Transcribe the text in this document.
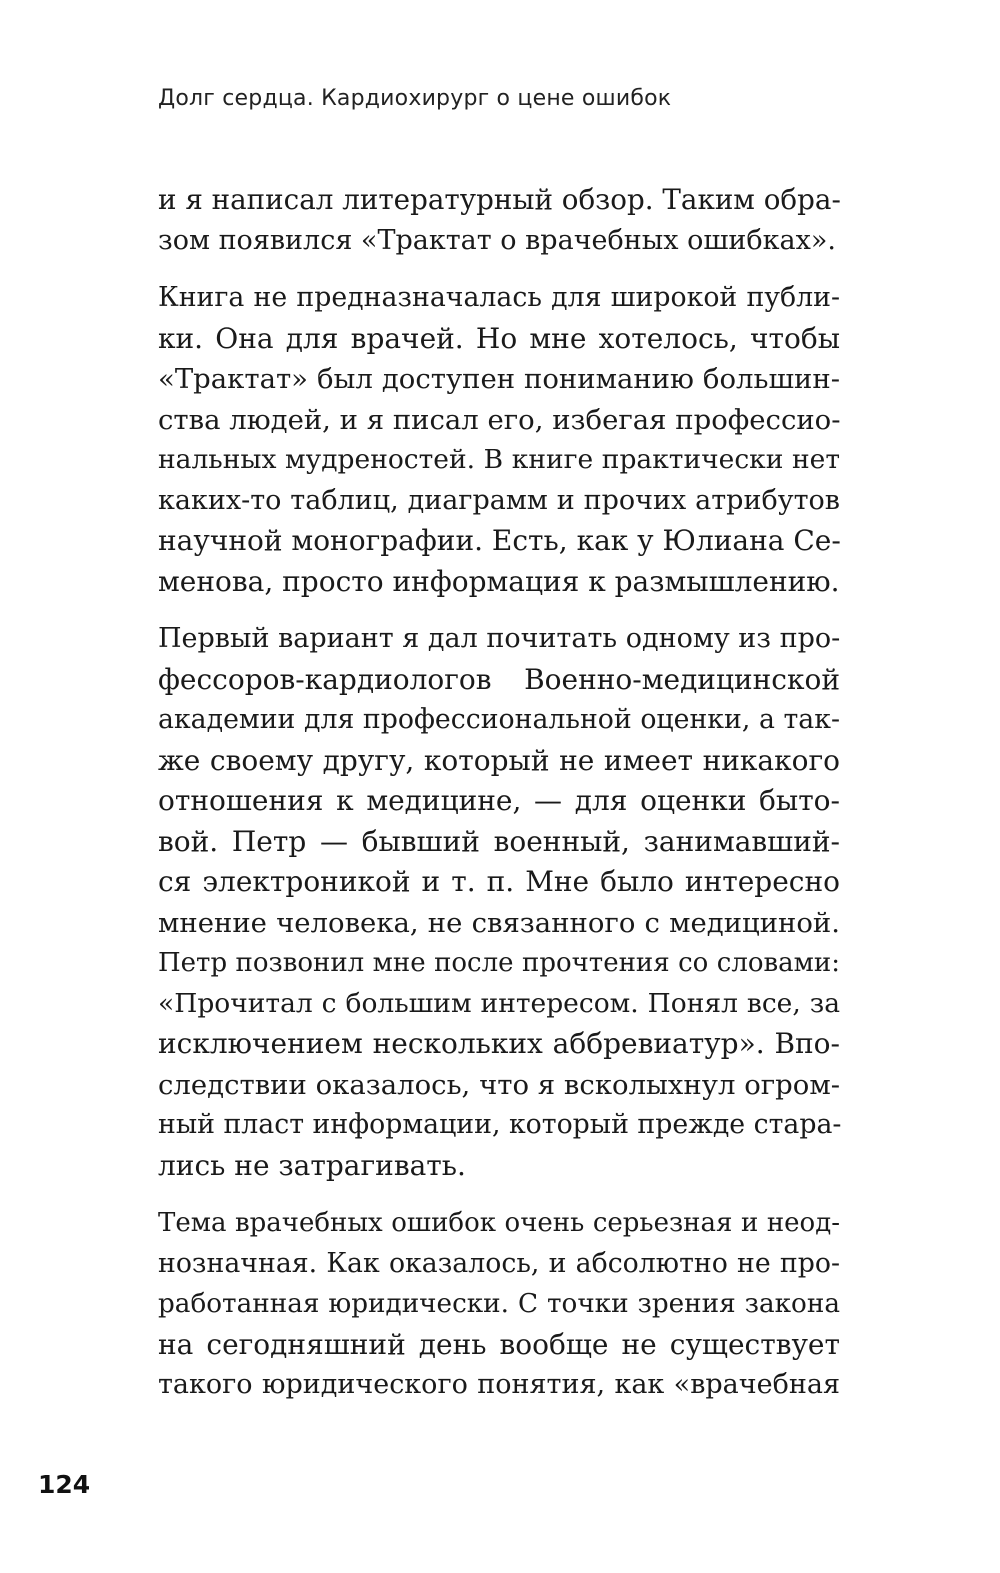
Долг сердца. Кардиохирург о цене ошибок

и я написал литературный обзор. Таким обра-
зом появился «Трактат о врачебных ошибках».

Книга не предназначалась для широкой публи-
ки. Она для врачей. Но мне хотелось, чтобы
«Трактат» был доступен пониманию большин-
ства людей, и я писал его, избегая профессио-
нальных мудреностей. В книге практически нет
каких-то таблиц, диаграмм и прочих атрибутов
научной монографии. Есть, как у Юлиана Се-
менова, просто информация к размышлению.

Первый вариант я дал почитать одному из про-
фессоров-кардиологов Военно-медицинской
академии для профессиональной оценки, а так-
же своему другу, который не имеет никакого
отношения к медицине, — для оценки быто-
вой. Петр — бывший военный, занимавший-
ся электроникой и т. п. Мне было интересно
мнение человека, не связанного с медициной.
Петр позвонил мне после прочтения со словами:
«Прочитал с большим интересом. Понял все, за
исключением нескольких аббревиатур». Впо-
следствии оказалось, что я всколыхнул огром-
ный пласт информации, который прежде стара-
лись не затрагивать.

Тема врачебных ошибок очень серьезная и неод-
нозначная. Как оказалось, и абсолютно не про-
работанная юридически. С точки зрения закона
на сегодняшний день вообще не существует
такого юридического понятия, как «врачебная

124
